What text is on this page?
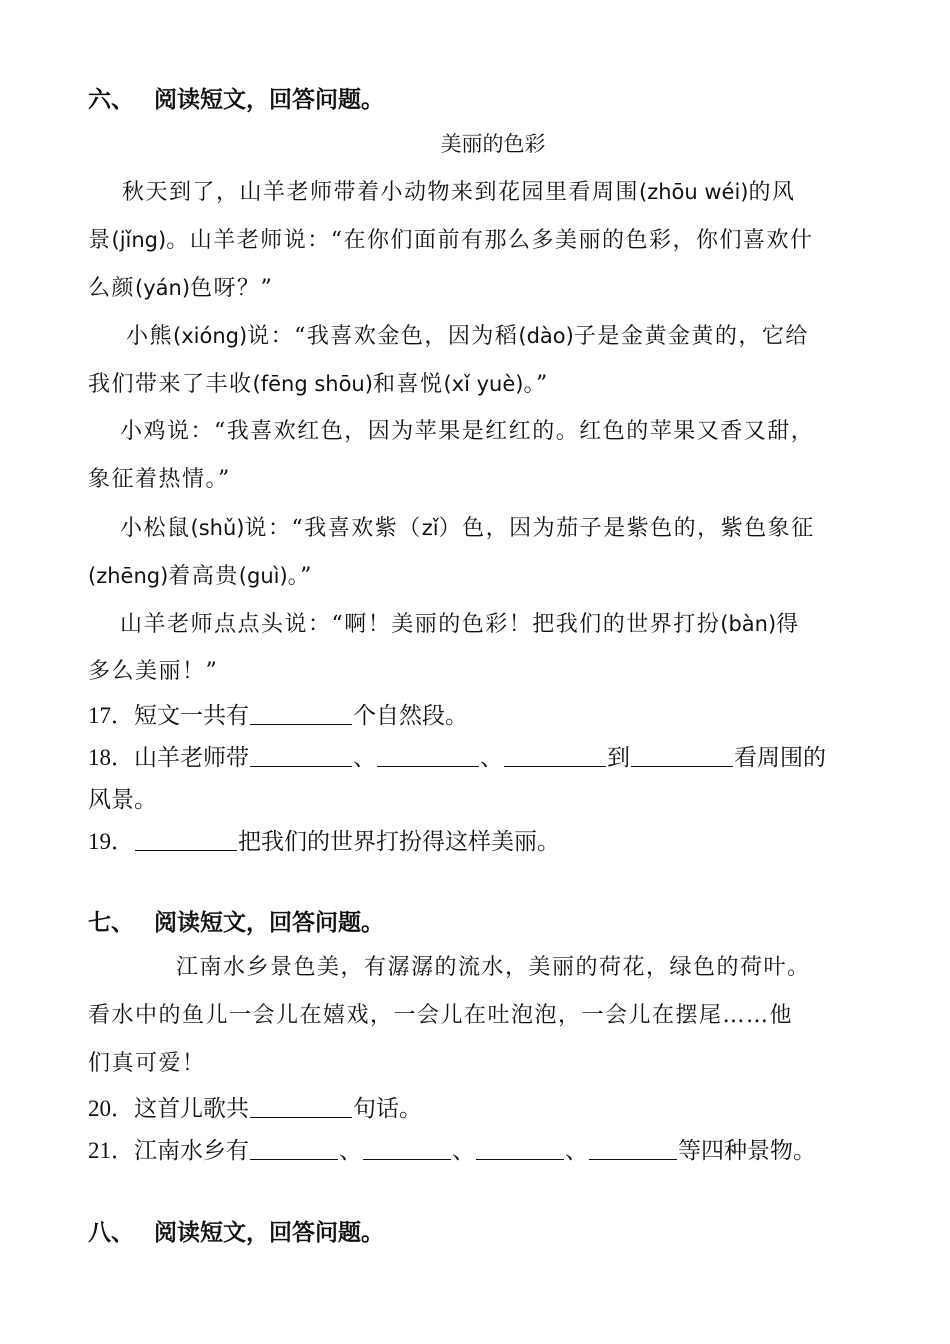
六、 阅读短文，回答问题。
美丽的色彩
秋天到了，山羊老师带着小动物来到花园里看周围(zhōu wéi)的风
景(jǐng)。山羊老师说：“在你们面前有那么多美丽的色彩，你们喜欢什
么颜(yán)色呀？”
小熊(xióng)说：“我喜欢金色，因为稻(dào)子是金黄金黄的，它给
我们带来了丰收(fēng shōu)和喜悦(xǐ yuè)。”
小鸡说：“我喜欢红色，因为苹果是红红的。红色的苹果又香又甜，
象征着热情。”
小松鼠(shǔ)说：“我喜欢紫（zǐ）色，因为茄子是紫色的，紫色象征
(zhēng)着高贵(guì)。”
山羊老师点点头说：“啊！美丽的色彩！把我们的世界打扮(bàn)得
多么美丽！”
17．短文一共有	个自然段。
18．山羊老师带	、	、	到	看周围的
风景。
19．	把我们的世界打扮得这样美丽。
七、 阅读短文，回答问题。
江南水乡景色美，有潺潺的流水，美丽的荷花，绿色的荷叶。
看水中的鱼儿一会儿在嬉戏，一会儿在吐泡泡，一会儿在摆尾……他
们真可爱！
20．这首儿歌共	句话。
21．江南水乡有	、	、	、	等四种景物。
八、 阅读短文，回答问题。
